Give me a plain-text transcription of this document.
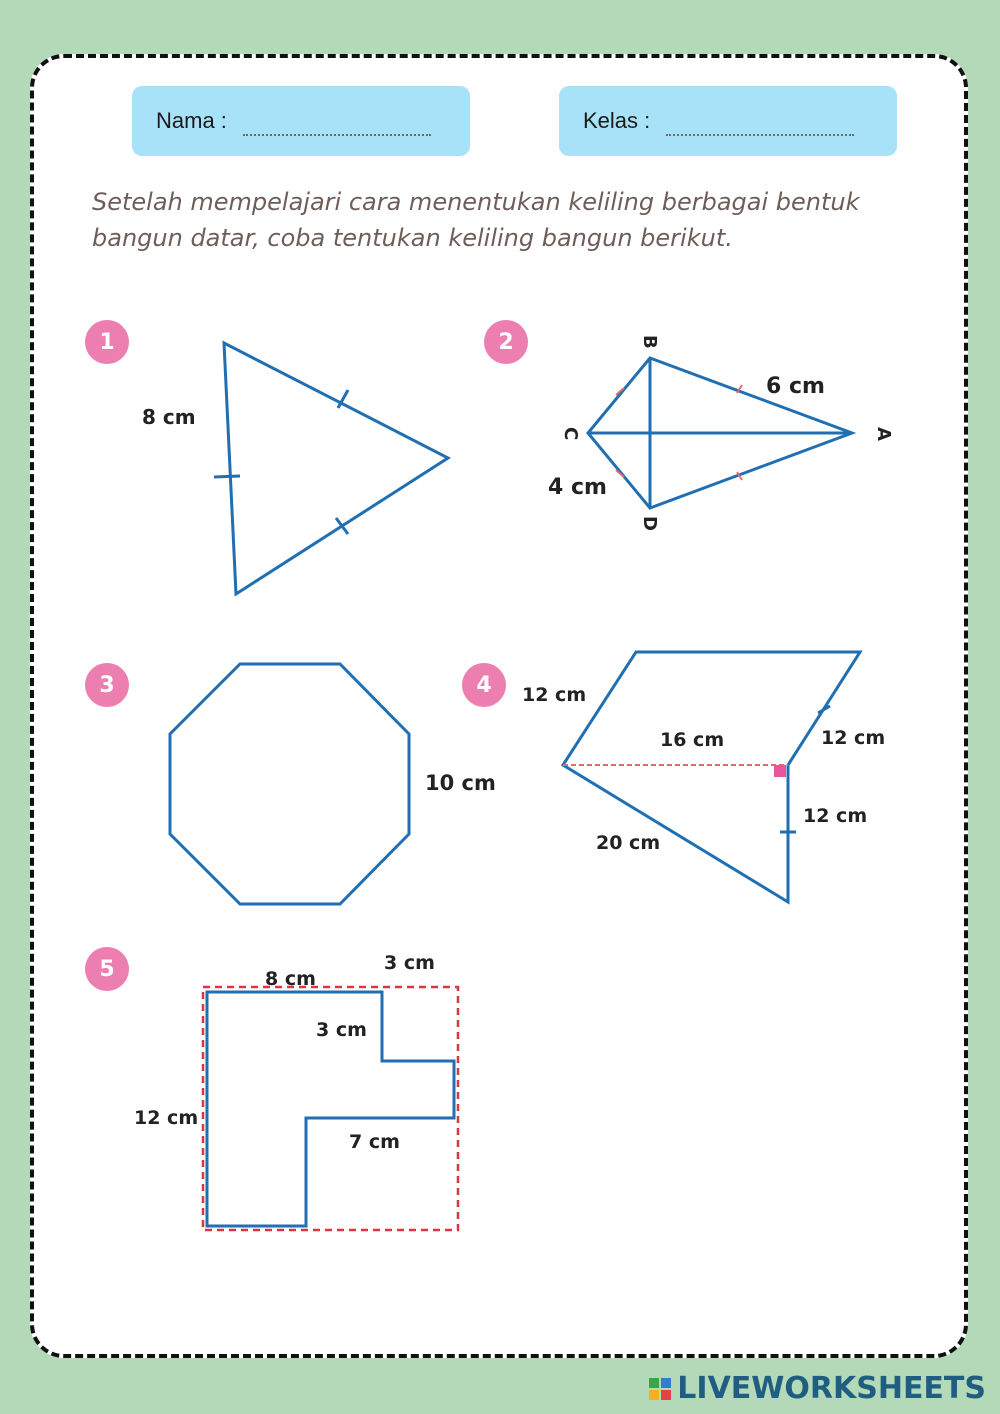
Nama :	Kelas :
Setelah mempelajari cara menentukan keliling berbagai bentuk bangun datar, coba tentukan keliling bangun berikut.
1	2
3	4
5
8 cm
6 cm
4 cm
A
B
C
D
10 cm
12 cm
16 cm	12 cm
12 cm
20 cm
8 cm
3 cm
3 cm
12 cm
7 cm
LIVEWORKSHEETS
